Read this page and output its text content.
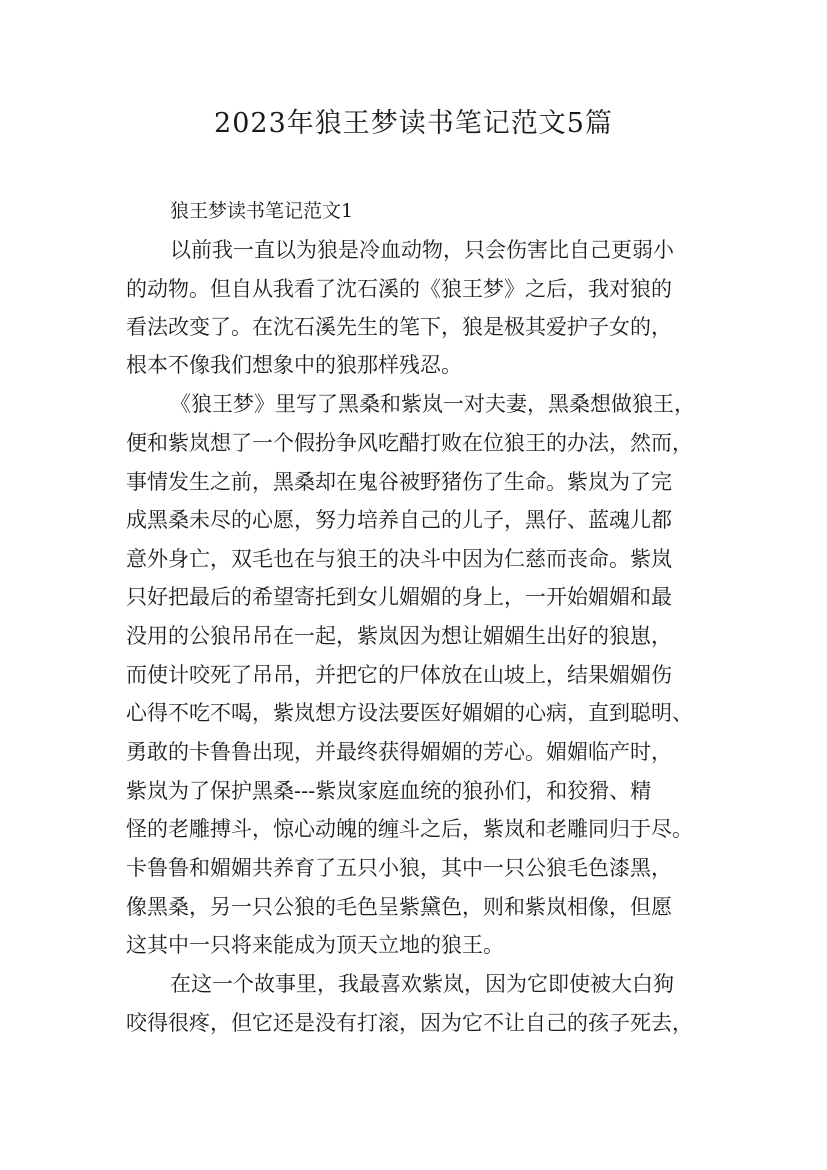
2023年狼王梦读书笔记范文5篇

狼王梦读书笔记范文1

以前我一直以为狼是冷血动物，只会伤害比自己更弱小

的动物。但自从我看了沈石溪的《狼王梦》之后，我对狼的

看法改变了。在沈石溪先生的笔下，狼是极其爱护子女的，

根本不像我们想象中的狼那样残忍。

《狼王梦》里写了黑桑和紫岚一对夫妻，黑桑想做狼王，

便和紫岚想了一个假扮争风吃醋打败在位狼王的办法，然而，

事情发生之前，黑桑却在鬼谷被野猪伤了生命。紫岚为了完

成黑桑未尽的心愿，努力培养自己的儿子，黑仔、蓝魂儿都

意外身亡，双毛也在与狼王的决斗中因为仁慈而丧命。紫岚

只好把最后的希望寄托到女儿媚媚的身上，一开始媚媚和最

没用的公狼吊吊在一起，紫岚因为想让媚媚生出好的狼崽，

而使计咬死了吊吊，并把它的尸体放在山坡上，结果媚媚伤

心得不吃不喝，紫岚想方设法要医好媚媚的心病，直到聪明、

勇敢的卡鲁鲁出现，并最终获得媚媚的芳心。媚媚临产时，

紫岚为了保护黑桑---紫岚家庭血统的狼孙们，和狡猾、精

怪的老雕搏斗，惊心动魄的缠斗之后，紫岚和老雕同归于尽。

卡鲁鲁和媚媚共养育了五只小狼，其中一只公狼毛色漆黑，

像黑桑，另一只公狼的毛色呈紫黛色，则和紫岚相像，但愿

这其中一只将来能成为顶天立地的狼王。

在这一个故事里，我最喜欢紫岚，因为它即使被大白狗

咬得很疼，但它还是没有打滚，因为它不让自己的孩子死去，
